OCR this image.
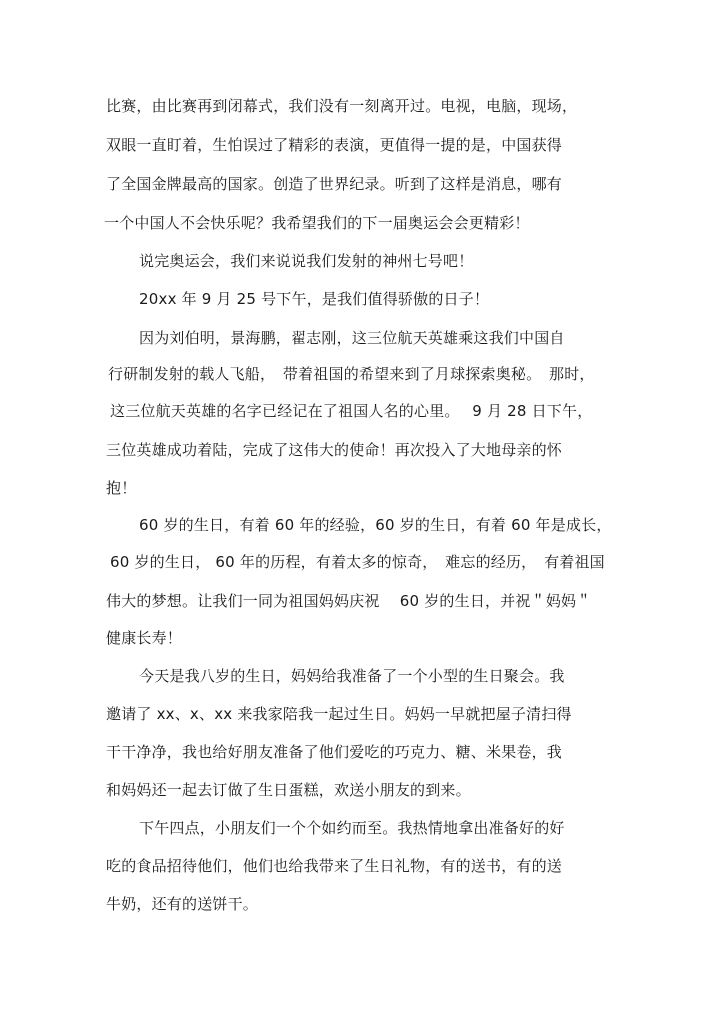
比赛，由比赛再到闭幕式，我们没有一刻离开过。电视，电脑，现场，
双眼一直盯着，生怕误过了精彩的表演，更值得一提的是，中国获得
了全国金牌最高的国家。创造了世界纪录。听到了这样是消息，哪有
一个中国人不会快乐呢？我希望我们的下一届奥运会会更精彩！
说完奥运会，我们来说说我们发射的神州七号吧！
20xx 年 9 月 25 号下午，是我们值得骄傲的日子！
因为刘伯明，景海鹏，翟志刚，这三位航天英雄乘这我们中国自
行研制发射的载人飞船，　带着祖国的希望来到了月球探索奥秘。　那时，
这三位航天英雄的名字已经记在了祖国人名的心里。　 9 月 28 日下午，
三位英雄成功着陆，完成了这伟大的使命！再次投入了大地母亲的怀
抱！
60 岁的生日，有着 60 年的经验，60 岁的生日，有着 60 年是成长，
60 岁的生日， 60 年的历程，有着太多的惊奇，　难忘的经历，　有着祖国
伟大的梦想。让我们一同为祖国妈妈庆祝　 60 岁的生日，并祝＂妈妈＂
健康长寿！
今天是我八岁的生日，妈妈给我准备了一个小型的生日聚会。我
邀请了 xx、x、xx 来我家陪我一起过生日。妈妈一早就把屋子清扫得
干干净净，我也给好朋友准备了他们爱吃的巧克力、糖、米果卷，我
和妈妈还一起去订做了生日蛋糕，欢送小朋友的到来。
下午四点，小朋友们一个个如约而至。我热情地拿出准备好的好
吃的食品招待他们，他们也给我带来了生日礼物，有的送书，有的送
牛奶，还有的送饼干。
